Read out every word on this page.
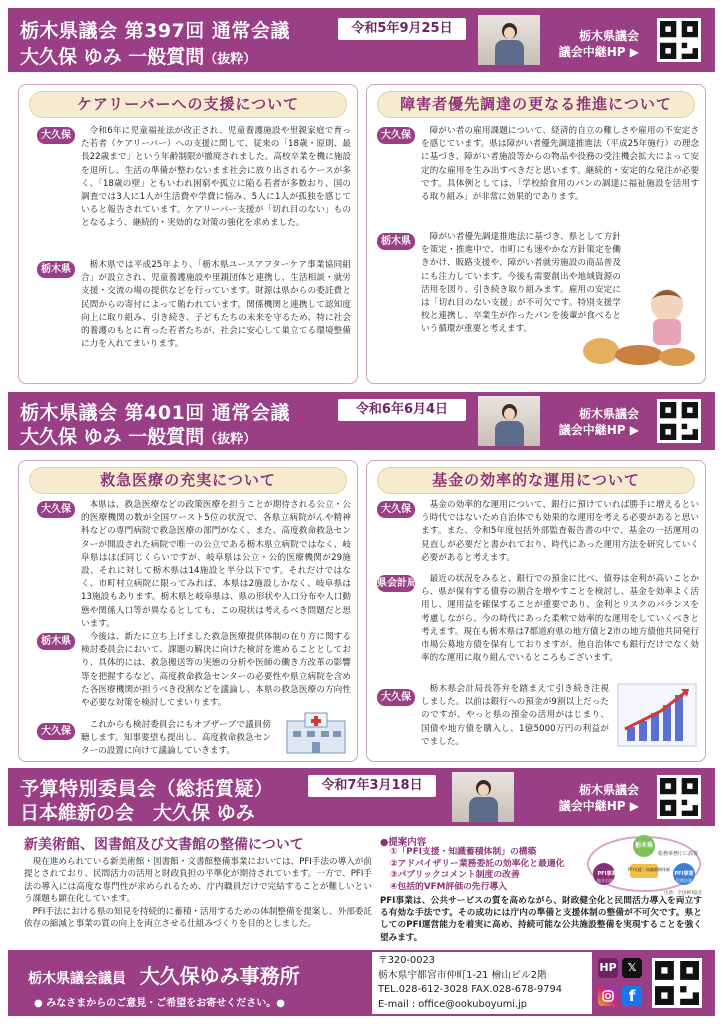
栃木県議会 第397回 通常会議
大久保 ゆみ 一般質問（抜粋）
令和5年9月25日	栃木県議会
議会中継HP ▶
ケアリーバーへの支援について
大久保	令和6年に児童福祉法が改正され、児童養護施設や里親家庭で育った若者（ケアリーバー）への支援に関して、従来の「18歳・原則、最長22歳まで」という年齢制限が撤廃されました。高校卒業を機に施設を退所し、生活の準備が整わないまま社会に放り出されるケースが多く、「18歳の壁」ともいわれ困窮や孤立に陥る若者が多数おり、国の調査では3人に1人が生活費や学費に悩み、5人に1人が孤独を感じていると報告されています。ケアリーバー支援が「切れ目のない」ものとなるよう、継続的・実効的な対策の強化を求めました。

栃木県	栃木県では平成25年より、「栃木県ユースアフターケア事業協同組合」が設立され、児童養護施設や里親団体と連携し、生活相談・就労支援・交流の場の提供などを行っています。財源は県からの委託費と民間からの寄付によって賄われています。関係機関と連携して認知度向上に取り組み、引き続き、子どもたちの未来を守るため、特に社会的養護のもとに育った若者たちが、社会に安心して巣立てる環境整備に力を入れてまいります。

障害者優先調達の更なる推進について
大久保	障がい者の雇用課題について、経済的自立の難しさや雇用の不安定さを感じています。県は障がい者優先調達推進法（平成25年施行）の理念に基づき、障がい者施設等からの物品や役務の受注機会拡大によって安定的な雇用を生み出すべきだと思います。継続的・安定的な発注が必要です。具体例としては、「学校給食用のパンの調達に福祉施設を活用する取り組み」が非常に効果的であります。

栃木県	障がい者優先調達推進法に基づき、県として方針を策定・推進中で、市町にも速やかな方針策定を働きかけ、販路支援や、障がい者就労施設の商品普及にも注力しています。今後も需要創出や地域資源の活用を図り、引き続き取り組みます。雇用の安定には「切れ目のない支援」が不可欠です。特別支援学校と連携し、卒業生が作ったパンを後輩が食べるという循環が重要と考えます。

栃木県議会 第401回 通常会議
大久保 ゆみ 一般質問（抜粋）
令和6年6月4日	栃木県議会
議会中継HP ▶
救急医療の充実について
大久保	本県は、救急医療などの政策医療を担うことが期待される公立・公的医療機関の数が全国ワースト5位の状況で、各県立病院がんや精神科などの専門病院で救急医療の部門がなく、また、高度救命救急センターが開設された病院で唯一の公立である栃木県立病院ではなく、岐阜県はほぼ同じくらいですが、岐阜県は公立・公的医療機関が29施設、それに対して栃木県は14施設と半分以下です。それだけではなく、市町村立病院に限ってみれば、本県は2施設しかなく、岐阜県は13施設もあります。栃木県と岐阜県は、県の形状や人口分布や人口動態や関係人口等が異なるとしても、この現状は考えるべき問題だと思います。

栃木県	今後は、新たに立ち上げました救急医療提供体制の在り方に関する検討委員会において、課題の解決に向けた検討を進めることとしており、具体的には、救急搬送等の実態の分析や医師の働き方改革の影響等を把握するなど、高度救命救急センターの必要性や県立病院を含めた各医療機関が担うべき役割などを議論し、本県の救急医療の方向性や必要な対策を検討してまいります。

大久保

これからも検討委員会にもオブザーブで議員傍聴します。知事要望も提出し、高度救命救急センターの設置に向けて議論していきます。

基金の効率的な運用について
大久保	基金の効率的な運用について、銀行に預けていれば勝手に増えるという時代ではないため自治体でも効果的な運用を考える必要があると思います。また、令和5年度包括外部監査報告書の中で、基金の一括運用の見直しが必要だと書かれており、時代にあった運用方法を研究していく必要があると考えます。

県会計局	最近の状況をみると、銀行での預金に比べ、債券は金利が高いことから、県が保有する債券の割合を増やすことを検討し、基金を効率よく活用し、運用益を確保することが重要であり、金利とリスクのバランスを考慮しながら、今の時代にあった柔軟で効率的な運用をしていくべきと考えます。現在も栃木県は7都道府県の地方債と2市の地方債他共同発行市場公募地方債を保有しておりますが、他自治体でも銀行だけでなく効率的な運用に取り組んでいるところもございます。

大久保

栃木県会計局長答弁を踏まえて引き続き注視しました。以前は銀行への預金が9割以上だったのですが、やっと県の預金の活用がはじまり、国債や地方債を購入し、1億5000万円の利益がでました。

予算特別委員会（総括質疑）
日本維新の会　大久保 ゆみ
令和7年3月18日	栃木県議会
議会中継HP ▶
新美術館、図書館及び文書館の整備について

現在進められている新美術館・図書館・文書館整備事業においては、PFI手法の導入が前提とされており、民間活力の活用と財政負担の平準化が期待されています。一方で、PFI手法の導入には高度な専門性が求められるため、庁内職員だけで完結することが難しいという課題も顕在化しています。

PFI手法における県の知見を持続的に蓄積・活用するための体制整備を提案し、外部委託依存の縮減と事業の質の向上を両立させる仕組みづくりを目的としました。

●提案内容
①「PFI支援・知識蓄積体制」の構築
②アドバイザリー業務委託の効率化と最適化
③パブリックコメント制度の改善
④包括的VFM評価の先行導入
PFI事業は、公共サービスの質を高めながら、財政健全化と民間活力導入を両立する有効な手法です。その成功には庁内の準備と支援体制の整備が不可欠です。県としてのPFI運営能力を着実に高め、持続可能な公共施設整備を実現することを強く望みます。
栃木県
総務事務庁に設置
PFI支援・知識蓄積体制
PFI事業
地方自治体
PFI事業
民間企業
出典：全国PFI協会
栃木県議会議員 大久保ゆみ事務所
● みなさまからのご意見・ご希望をお寄せください。●
〒320-0023
栃木県宇都宮市仲町1-21 檜山ビル2階
TEL.028-612-3028 FAX.028-678-9794
E-mail : office@ookuboyumi.jp
HP 𝕏
f
